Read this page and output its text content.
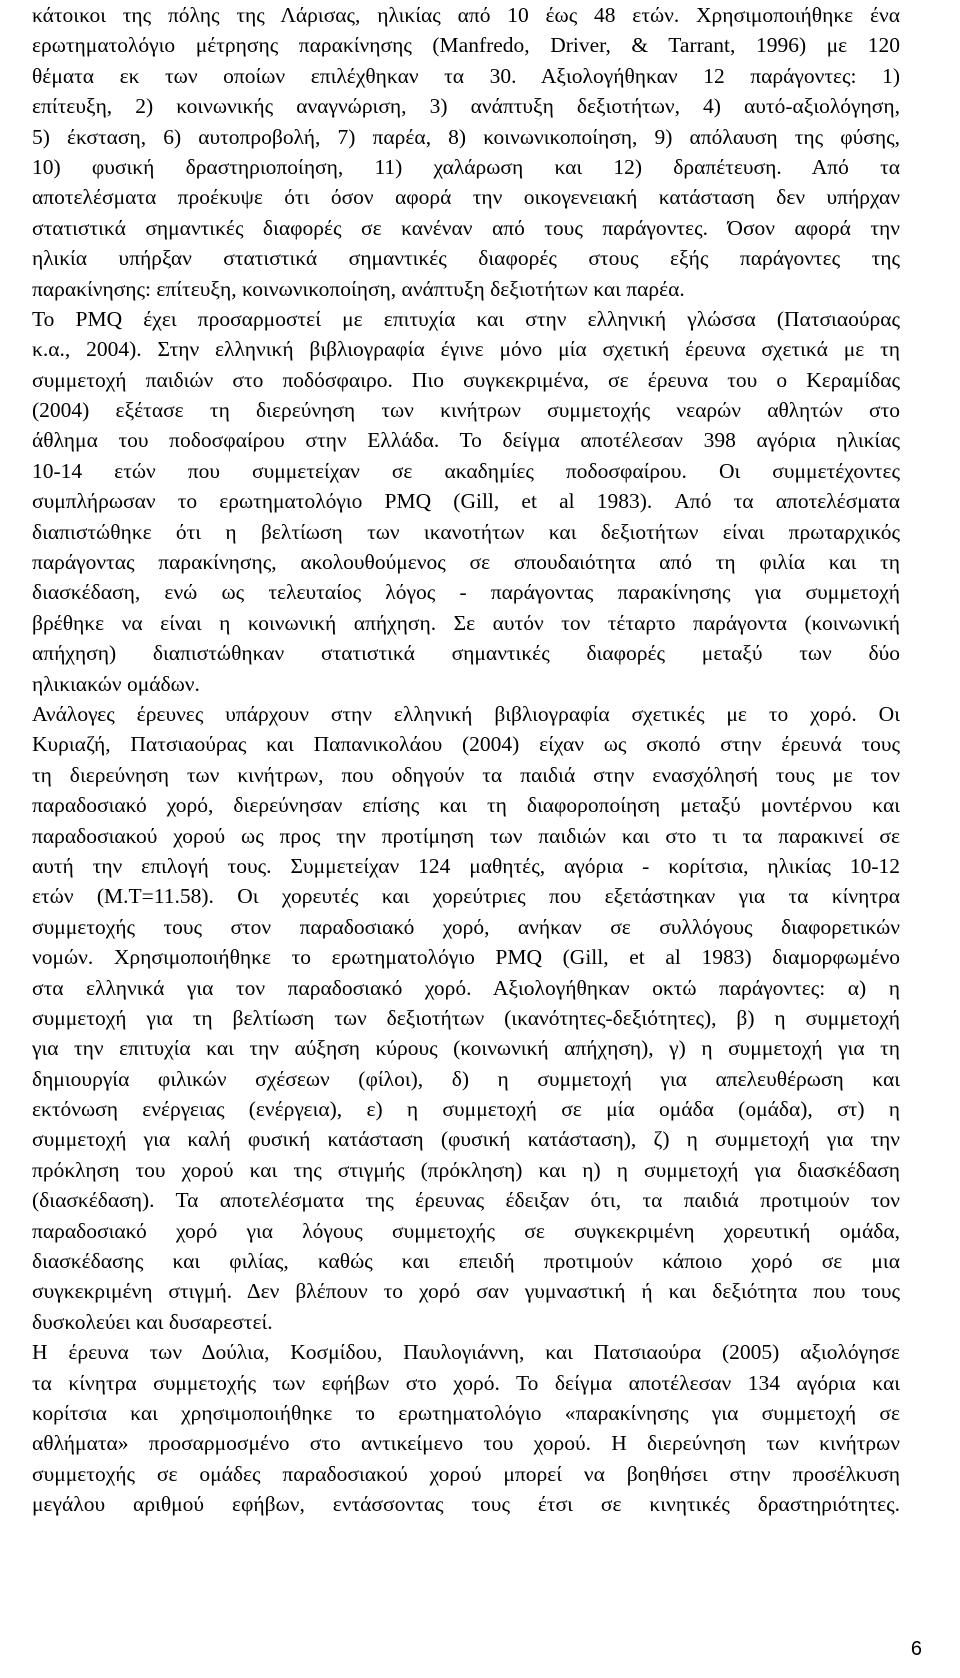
κάτοικοι της πόλης της Λάρισας, ηλικίας από 10 έως 48 ετών. Χρησιμοποιήθηκε ένα
ερωτηματολόγιο μέτρησης παρακίνησης (Manfredo, Driver, & Tarrant, 1996) με 120
θέματα εκ των οποίων επιλέχθηκαν τα 30. Αξιολογήθηκαν 12 παράγοντες: 1)
επίτευξη, 2) κοινωνικής αναγνώριση, 3) ανάπτυξη δεξιοτήτων, 4) αυτό-αξιολόγηση,
5) έκσταση, 6) αυτοπροβολή, 7) παρέα, 8) κοινωνικοποίηση, 9) απόλαυση της φύσης,
10) φυσική δραστηριοποίηση, 11) χαλάρωση και 12) δραπέτευση. Από τα
αποτελέσματα προέκυψε ότι όσον αφορά την οικογενειακή κατάσταση δεν υπήρχαν
στατιστικά σημαντικές διαφορές σε κανέναν από τους παράγοντες. Όσον αφορά την
ηλικία υπήρξαν στατιστικά σημαντικές διαφορές στους εξής παράγοντες της
παρακίνησης: επίτευξη, κοινωνικοποίηση, ανάπτυξη δεξιοτήτων και παρέα.
Το PMQ έχει προσαρμοστεί με επιτυχία και στην ελληνική γλώσσα (Πατσιαούρας
κ.α., 2004). Στην ελληνική βιβλιογραφία έγινε μόνο μία σχετική έρευνα σχετικά με τη
συμμετοχή παιδιών στο ποδόσφαιρο. Πιο συγκεκριμένα, σε έρευνα του ο Κεραμίδας
(2004) εξέτασε τη διερεύνηση των κινήτρων συμμετοχής νεαρών αθλητών στο
άθλημα του ποδοσφαίρου στην Ελλάδα. Το δείγμα αποτέλεσαν 398 αγόρια ηλικίας
10-14 ετών που συμμετείχαν σε ακαδημίες ποδοσφαίρου. Οι συμμετέχοντες
συμπλήρωσαν το ερωτηματολόγιο PMQ (Gill, et al 1983). Από τα αποτελέσματα
διαπιστώθηκε ότι η βελτίωση των ικανοτήτων και δεξιοτήτων είναι πρωταρχικός
παράγοντας παρακίνησης, ακολουθούμενος σε σπουδαιότητα από τη φιλία και τη
διασκέδαση, ενώ ως τελευταίος λόγος - παράγοντας παρακίνησης για συμμετοχή
βρέθηκε να είναι η κοινωνική απήχηση. Σε αυτόν τον τέταρτο παράγοντα (κοινωνική
απήχηση) διαπιστώθηκαν στατιστικά σημαντικές διαφορές μεταξύ των δύο
ηλικιακών ομάδων.
Ανάλογες έρευνες υπάρχουν στην ελληνική βιβλιογραφία σχετικές με το χορό. Οι
Κυριαζή, Πατσιαούρας και Παπανικολάου (2004) είχαν ως σκοπό στην έρευνά τους
τη διερεύνηση των κινήτρων, που οδηγούν τα παιδιά στην ενασχόλησή τους με τον
παραδοσιακό χορό, διερεύνησαν επίσης και τη διαφοροποίηση μεταξύ μοντέρνου και
παραδοσιακού χορού ως προς την προτίμηση των παιδιών και στο τι τα παρακινεί σε
αυτή την επιλογή τους. Συμμετείχαν 124 μαθητές, αγόρια - κορίτσια, ηλικίας 10-12
ετών (Μ.Τ=11.58). Οι χορευτές και χορεύτριες που εξετάστηκαν για τα κίνητρα
συμμετοχής τους στον παραδοσιακό χορό, ανήκαν σε συλλόγους διαφορετικών
νομών. Χρησιμοποιήθηκε το ερωτηματολόγιο PMQ (Gill, et al 1983) διαμορφωμένο
στα ελληνικά για τον παραδοσιακό χορό. Αξιολογήθηκαν οκτώ παράγοντες: α) η
συμμετοχή για τη βελτίωση των δεξιοτήτων (ικανότητες-δεξιότητες), β) η συμμετοχή
για την επιτυχία και την αύξηση κύρους (κοινωνική απήχηση), γ) η συμμετοχή για τη
δημιουργία φιλικών σχέσεων (φίλοι), δ) η συμμετοχή για απελευθέρωση και
εκτόνωση ενέργειας (ενέργεια), ε) η συμμετοχή σε μία ομάδα (ομάδα), στ) η
συμμετοχή για καλή φυσική κατάσταση (φυσική κατάσταση), ζ) η συμμετοχή για την
πρόκληση του χορού και της στιγμής (πρόκληση) και η) η συμμετοχή για διασκέδαση
(διασκέδαση). Τα αποτελέσματα της έρευνας έδειξαν ότι, τα παιδιά προτιμούν τον
παραδοσιακό χορό για λόγους συμμετοχής σε συγκεκριμένη χορευτική ομάδα,
διασκέδασης και φιλίας, καθώς και επειδή προτιμούν κάποιο χορό σε μια
συγκεκριμένη στιγμή. Δεν βλέπουν το χορό σαν γυμναστική ή και δεξιότητα που τους
δυσκολεύει και δυσαρεστεί.
Η έρευνα των Δούλια, Κοσμίδου, Παυλογιάννη, και Πατσιαούρα (2005) αξιολόγησε
τα κίνητρα συμμετοχής των εφήβων στο χορό. Το δείγμα αποτέλεσαν 134 αγόρια και
κορίτσια και χρησιμοποιήθηκε το ερωτηματολόγιο «παρακίνησης για συμμετοχή σε
αθλήματα» προσαρμοσμένο στο αντικείμενο του χορού. Η διερεύνηση των κινήτρων
συμμετοχής σε ομάδες παραδοσιακού χορού μπορεί να βοηθήσει στην προσέλκυση
μεγάλου αριθμού εφήβων, εντάσσοντας τους έτσι σε κινητικές δραστηριότητες.
6
